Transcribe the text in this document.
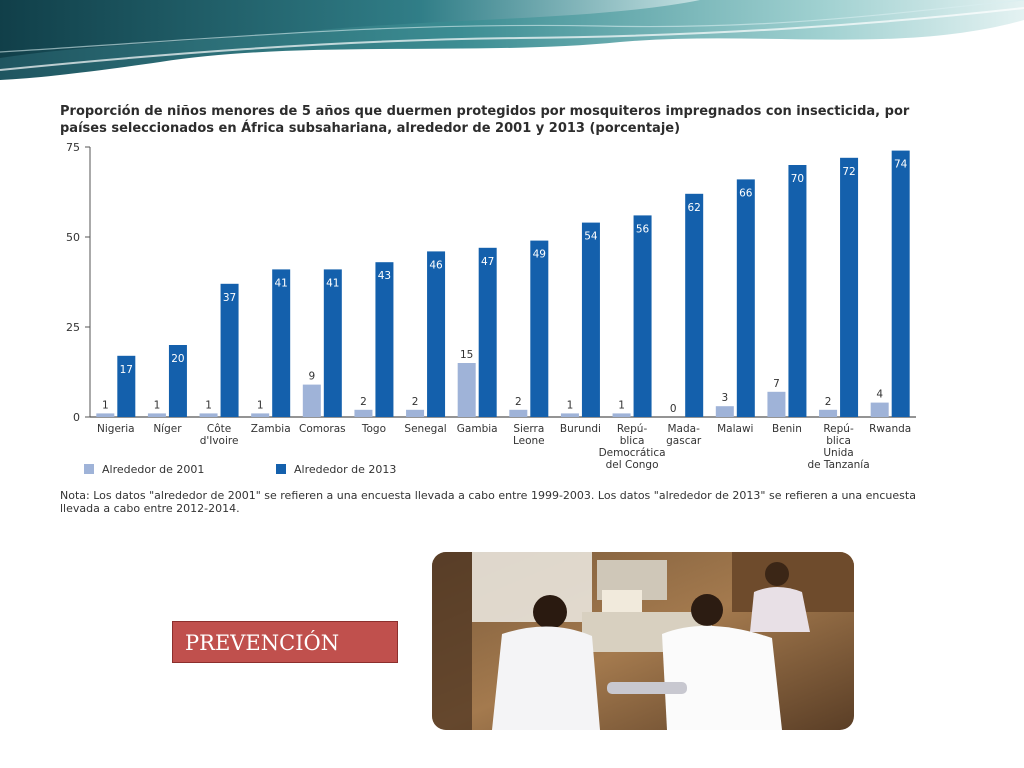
Proporción de niños menores de 5 años que duermen protegidos por mosquiteros impregnados con insecticida, por países seleccionados en África subsahariana, alrededor de 2001 y 2013 (porcentaje)
0
25
50
75
1
17
Nigeria
1
20
Níger
1
37
Côte d'Ivoire
1
41
Zambia
9
41
Comoras
2
43
Togo
2
46
Senegal
15
47
Gambia
2
49
Sierra Leone
1
54
Burundi
1
56
Repú-blica Democrática del Congo
0
62
Mada-gascar
3
66
Malawi
7
70
Benin
2
72
Repú-blica Unida de Tanzanía
4
74
Rwanda
Alrededor de 2001	Alrededor de 2013
Nota: Los datos "alrededor de 2001" se refieren a una encuesta llevada a cabo entre 1999-2003. Los datos "alrededor de 2013" se refieren a una encuesta llevada a cabo entre 2012-2014.
PREVENCIÓN
